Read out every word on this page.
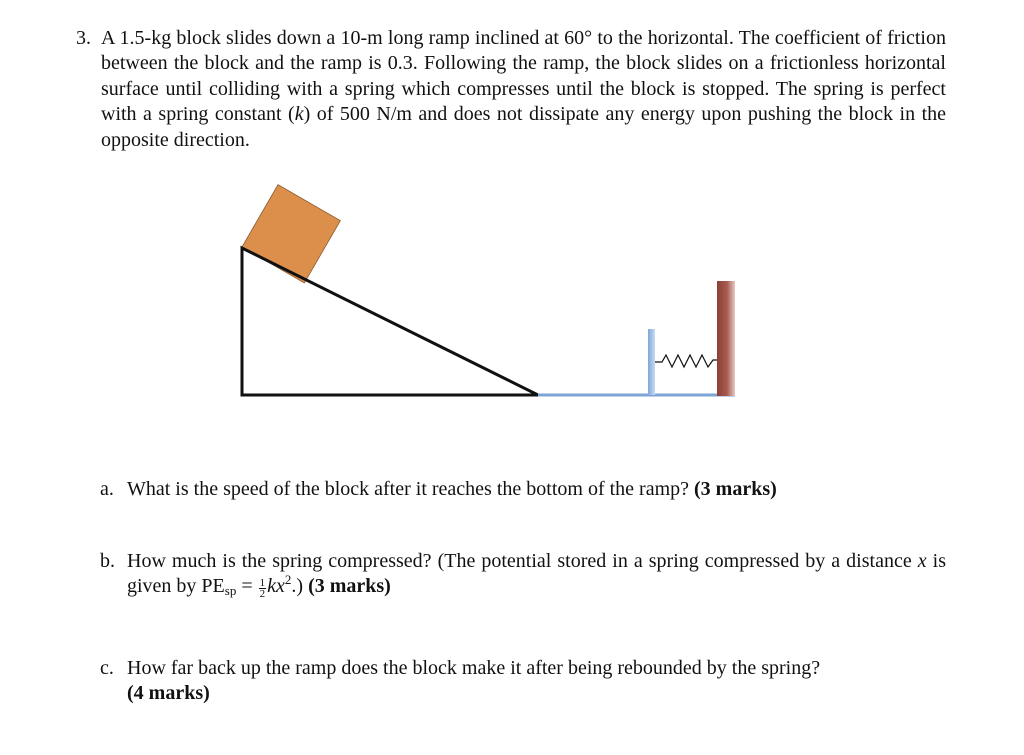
3. A 1.5-kg block slides down a 10-m long ramp inclined at 60° to the horizontal. The coefficient of friction between the block and the ramp is 0.3. Following the ramp, the block slides on a frictionless horizontal surface until colliding with a spring which compresses until the block is stopped. The spring is perfect with a spring constant (k) of 500 N/m and does not dissipate any energy upon pushing the block in the opposite direction.
a. What is the speed of the block after it reaches the bottom of the ramp? (3 marks)
b. How much is the spring compressed? (The potential stored in a spring compressed by a distance x is given by $PE_{sp} = \frac{1}{2} kx^2$.) (3 marks)
c. How far back up the ramp does the block make it after being rebounded by the spring?
(4 marks)
